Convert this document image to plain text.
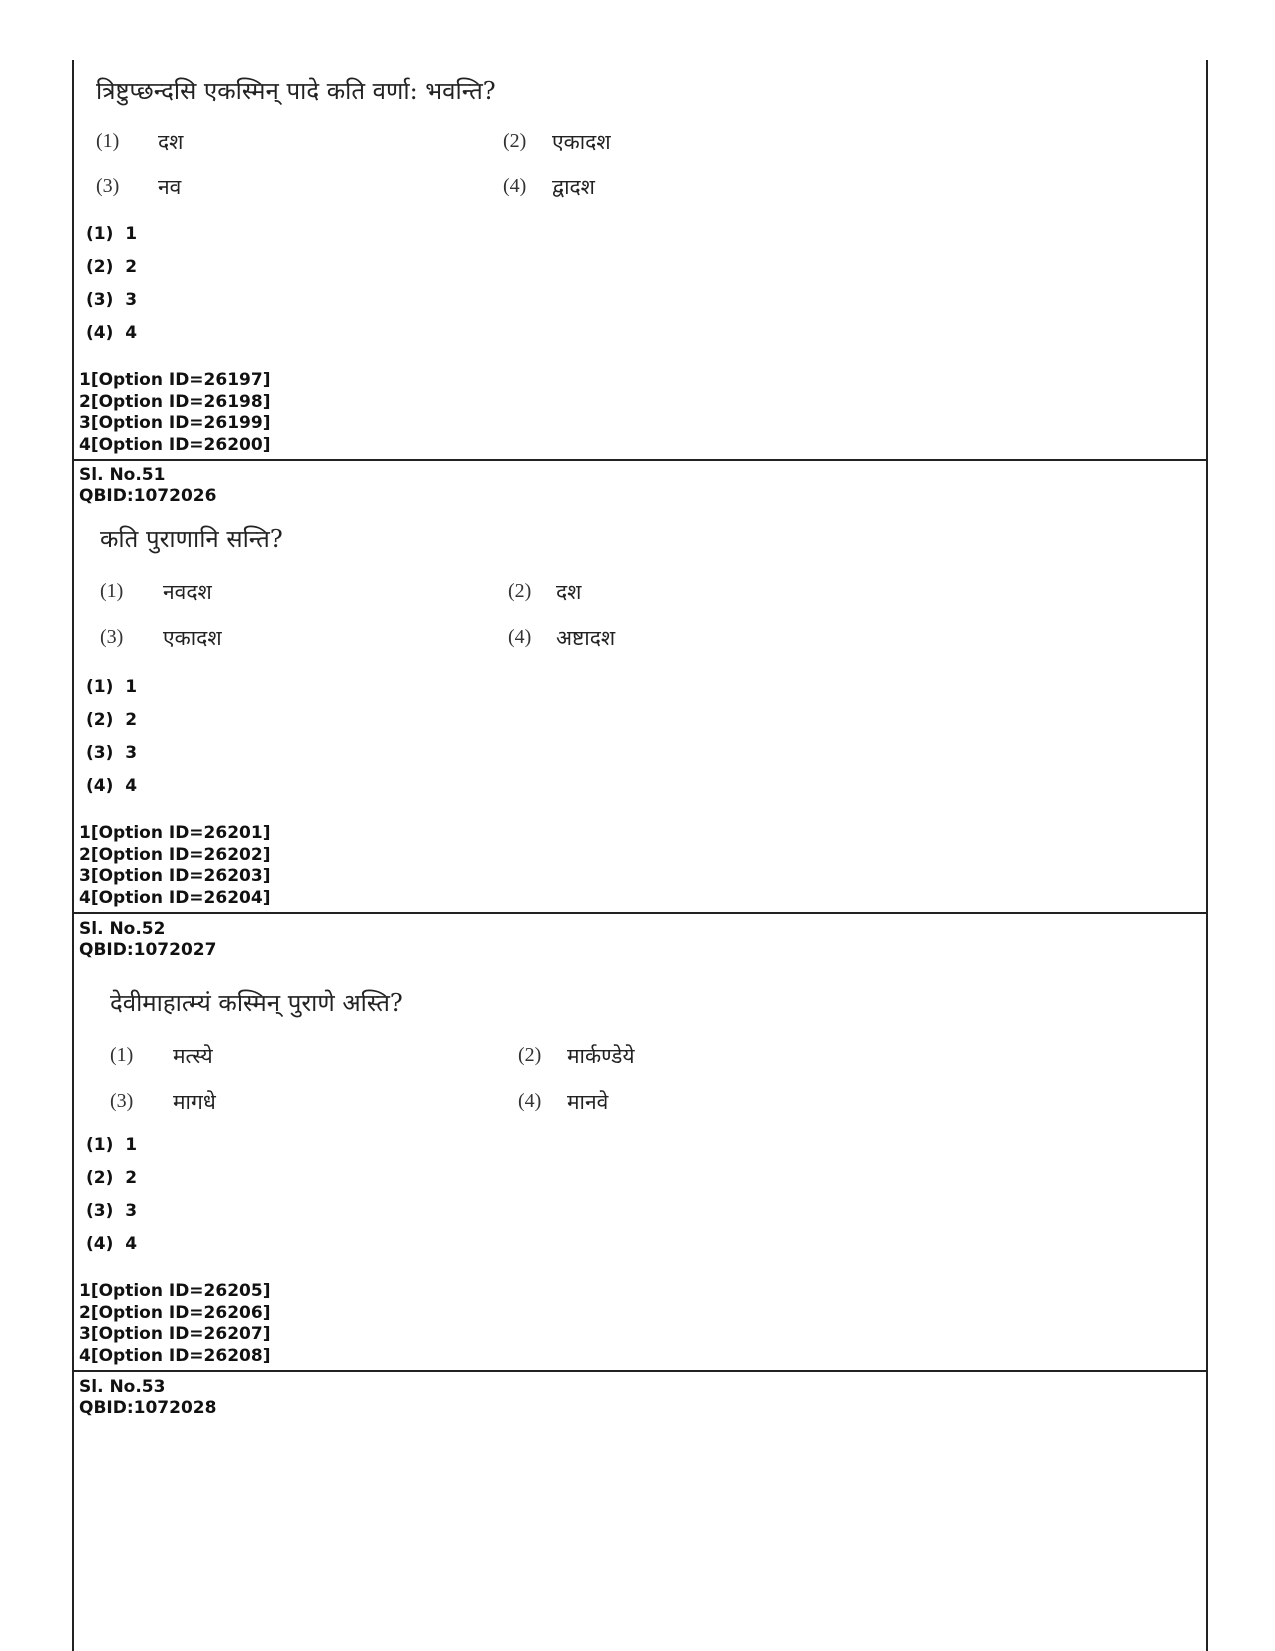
त्रिष्टुप्छन्दसि एकस्मिन् पादे कति वर्णा: भवन्ति?
(1) दश	(2) एकादश
(3) नव	(4) द्वादश
(1)  1
(2)  2
(3)  3
(4)  4
1[Option ID=26197]
2[Option ID=26198]
3[Option ID=26199]
4[Option ID=26200]
Sl. No.51
QBID:1072026
कति पुराणानि सन्ति?
(1) नवदश	(2) दश
(3) एकादश	(4) अष्टादश
(1)  1
(2)  2
(3)  3
(4)  4
1[Option ID=26201]
2[Option ID=26202]
3[Option ID=26203]
4[Option ID=26204]
Sl. No.52
QBID:1072027
देवीमाहात्म्यं कस्मिन् पुराणे अस्ति?
(1) मत्स्ये	(2) मार्कण्डेये
(3) मागधे	(4) मानवे
(1)  1
(2)  2
(3)  3
(4)  4
1[Option ID=26205]
2[Option ID=26206]
3[Option ID=26207]
4[Option ID=26208]
Sl. No.53
QBID:1072028
